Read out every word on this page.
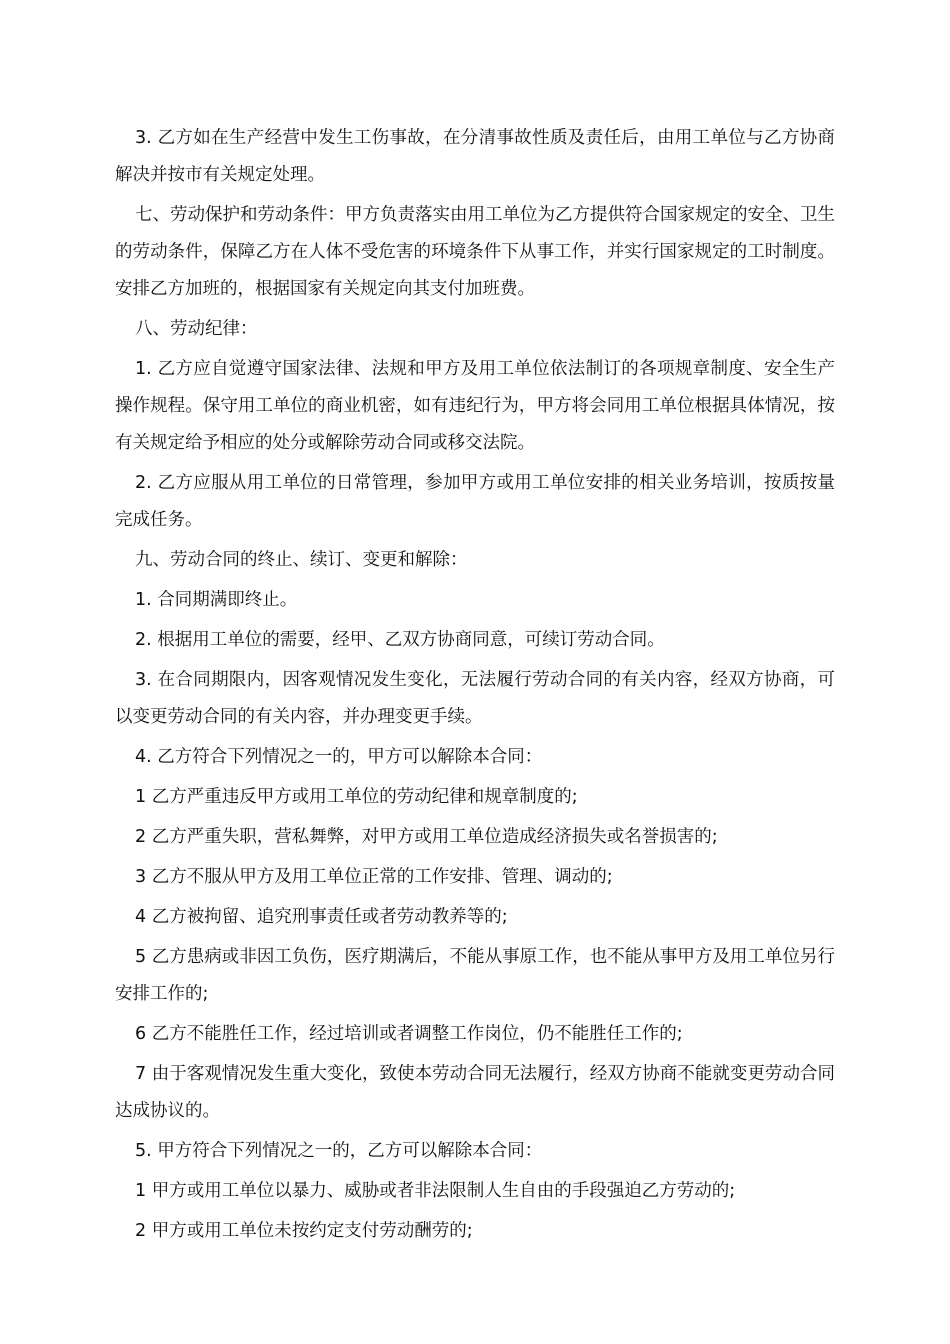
3. 乙方如在生产经营中发生工伤事故，在分清事故性质及责任后，由用工单位与乙方协商解决并按市有关规定处理。

七、劳动保护和劳动条件：甲方负责落实由用工单位为乙方提供符合国家规定的安全、卫生的劳动条件，保障乙方在人体不受危害的环境条件下从事工作，并实行国家规定的工时制度。安排乙方加班的，根据国家有关规定向其支付加班费。

八、劳动纪律：

1. 乙方应自觉遵守国家法律、法规和甲方及用工单位依法制订的各项规章制度、安全生产操作规程。保守用工单位的商业机密，如有违纪行为，甲方将会同用工单位根据具体情况，按有关规定给予相应的处分或解除劳动合同或移交法院。

2. 乙方应服从用工单位的日常管理，参加甲方或用工单位安排的相关业务培训，按质按量完成任务。

九、劳动合同的终止、续订、变更和解除：

1. 合同期满即终止。

2. 根据用工单位的需要，经甲、乙双方协商同意，可续订劳动合同。

3. 在合同期限内，因客观情况发生变化，无法履行劳动合同的有关内容，经双方协商，可以变更劳动合同的有关内容，并办理变更手续。

4. 乙方符合下列情况之一的，甲方可以解除本合同：

1 乙方严重违反甲方或用工单位的劳动纪律和规章制度的;

2 乙方严重失职，营私舞弊，对甲方或用工单位造成经济损失或名誉损害的;

3 乙方不服从甲方及用工单位正常的工作安排、管理、调动的;

4 乙方被拘留、追究刑事责任或者劳动教养等的;

5 乙方患病或非因工负伤，医疗期满后，不能从事原工作，也不能从事甲方及用工单位另行安排工作的;

6 乙方不能胜任工作，经过培训或者调整工作岗位，仍不能胜任工作的;

7 由于客观情况发生重大变化，致使本劳动合同无法履行，经双方协商不能就变更劳动合同达成协议的。

5. 甲方符合下列情况之一的，乙方可以解除本合同：

1 甲方或用工单位以暴力、威胁或者非法限制人生自由的手段强迫乙方劳动的;

2 甲方或用工单位未按约定支付劳动酬劳的;
